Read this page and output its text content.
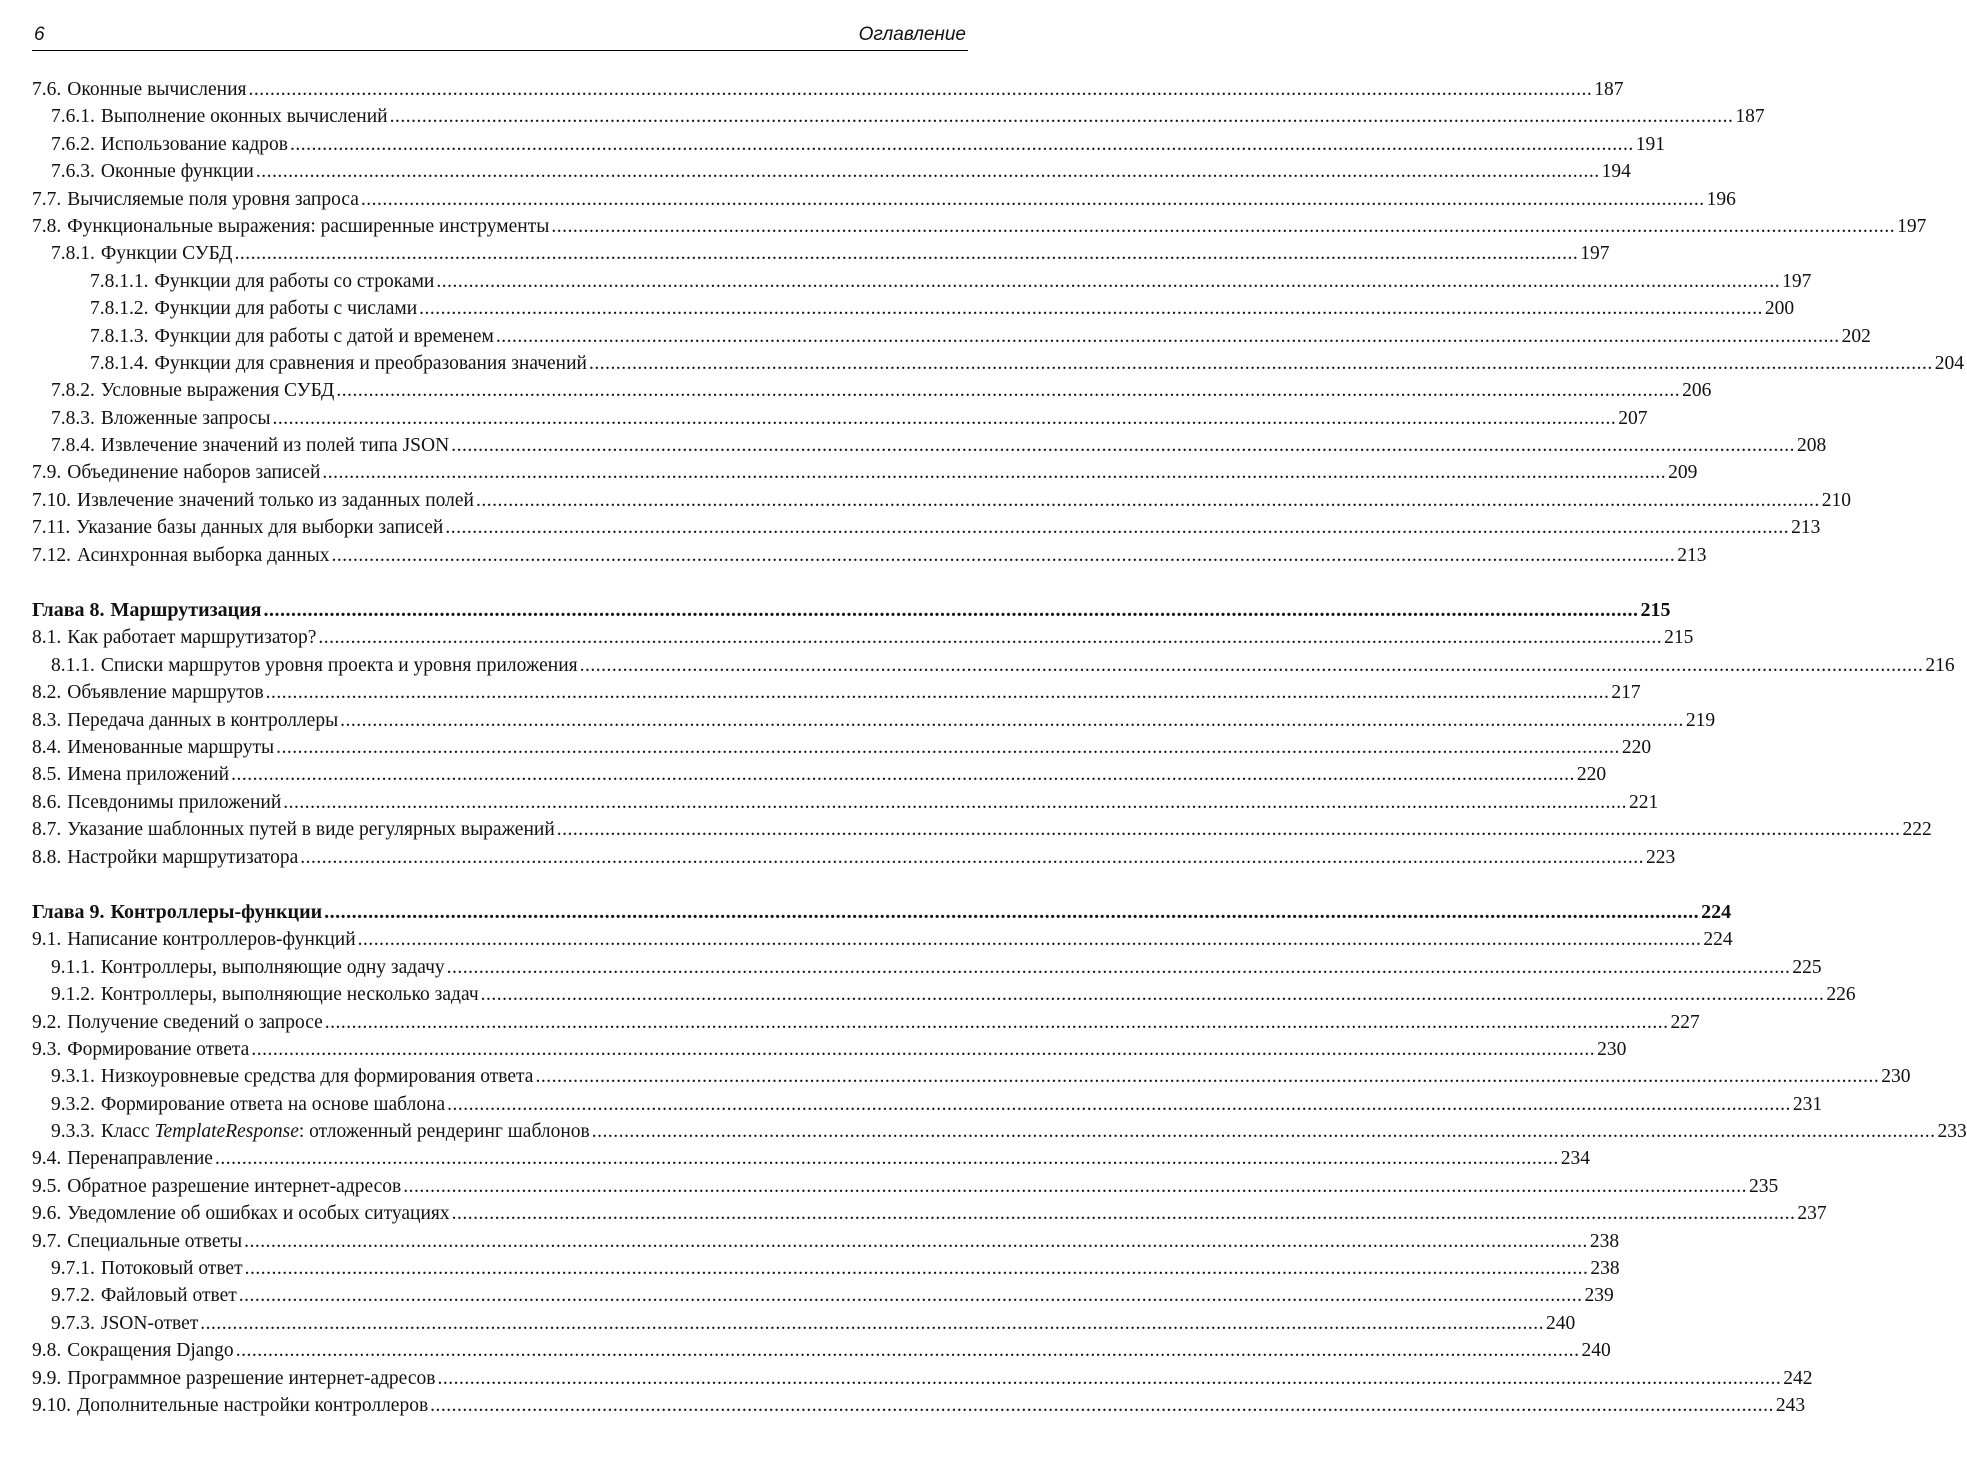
6	Оглавление
7.6. Оконные вычисления .....	187
7.6.1. Выполнение оконных вычислений .....	187
7.6.2. Использование кадров .....	191
7.6.3. Оконные функции .....	194
7.7. Вычисляемые поля уровня запроса .....	196
7.8. Функциональные выражения: расширенные инструменты .....	197
7.8.1. Функции СУБД .....	197
7.8.1.1. Функции для работы со строками .....	197
7.8.1.2. Функции для работы с числами .....	200
7.8.1.3. Функции для работы с датой и временем .....	202
7.8.1.4. Функции для сравнения и преобразования значений .....	204
7.8.2. Условные выражения СУБД .....	206
7.8.3. Вложенные запросы .....	207
7.8.4. Извлечение значений из полей типа JSON .....	208
7.9. Объединение наборов записей .....	209
7.10. Извлечение значений только из заданных полей .....	210
7.11. Указание базы данных для выборки записей .....	213
7.12. Асинхронная выборка данных .....	213
Глава 8. Маршрутизация .....	215
8.1. Как работает маршрутизатор? .....	215
8.1.1. Списки маршрутов уровня проекта и уровня приложения .....	216
8.2. Объявление маршрутов .....	217
8.3. Передача данных в контроллеры .....	219
8.4. Именованные маршруты .....	220
8.5. Имена приложений .....	220
8.6. Псевдонимы приложений .....	221
8.7. Указание шаблонных путей в виде регулярных выражений .....	222
8.8. Настройки маршрутизатора .....	223
Глава 9. Контроллеры-функции .....	224
9.1. Написание контроллеров-функций .....	224
9.1.1. Контроллеры, выполняющие одну задачу .....	225
9.1.2. Контроллеры, выполняющие несколько задач .....	226
9.2. Получение сведений о запросе .....	227
9.3. Формирование ответа .....	230
9.3.1. Низкоуровневые средства для формирования ответа .....	230
9.3.2. Формирование ответа на основе шаблона .....	231
9.3.3. Класс TemplateResponse: отложенный рендеринг шаблонов .....	233
9.4. Перенаправление .....	234
9.5. Обратное разрешение интернет-адресов .....	235
9.6. Уведомление об ошибках и особых ситуациях .....	237
9.7. Специальные ответы .....	238
9.7.1. Потоковый ответ .....	238
9.7.2. Файловый ответ .....	239
9.7.3. JSON-ответ .....	240
9.8. Сокращения Django .....	240
9.9. Программное разрешение интернет-адресов .....	242
9.10. Дополнительные настройки контроллеров .....	243
